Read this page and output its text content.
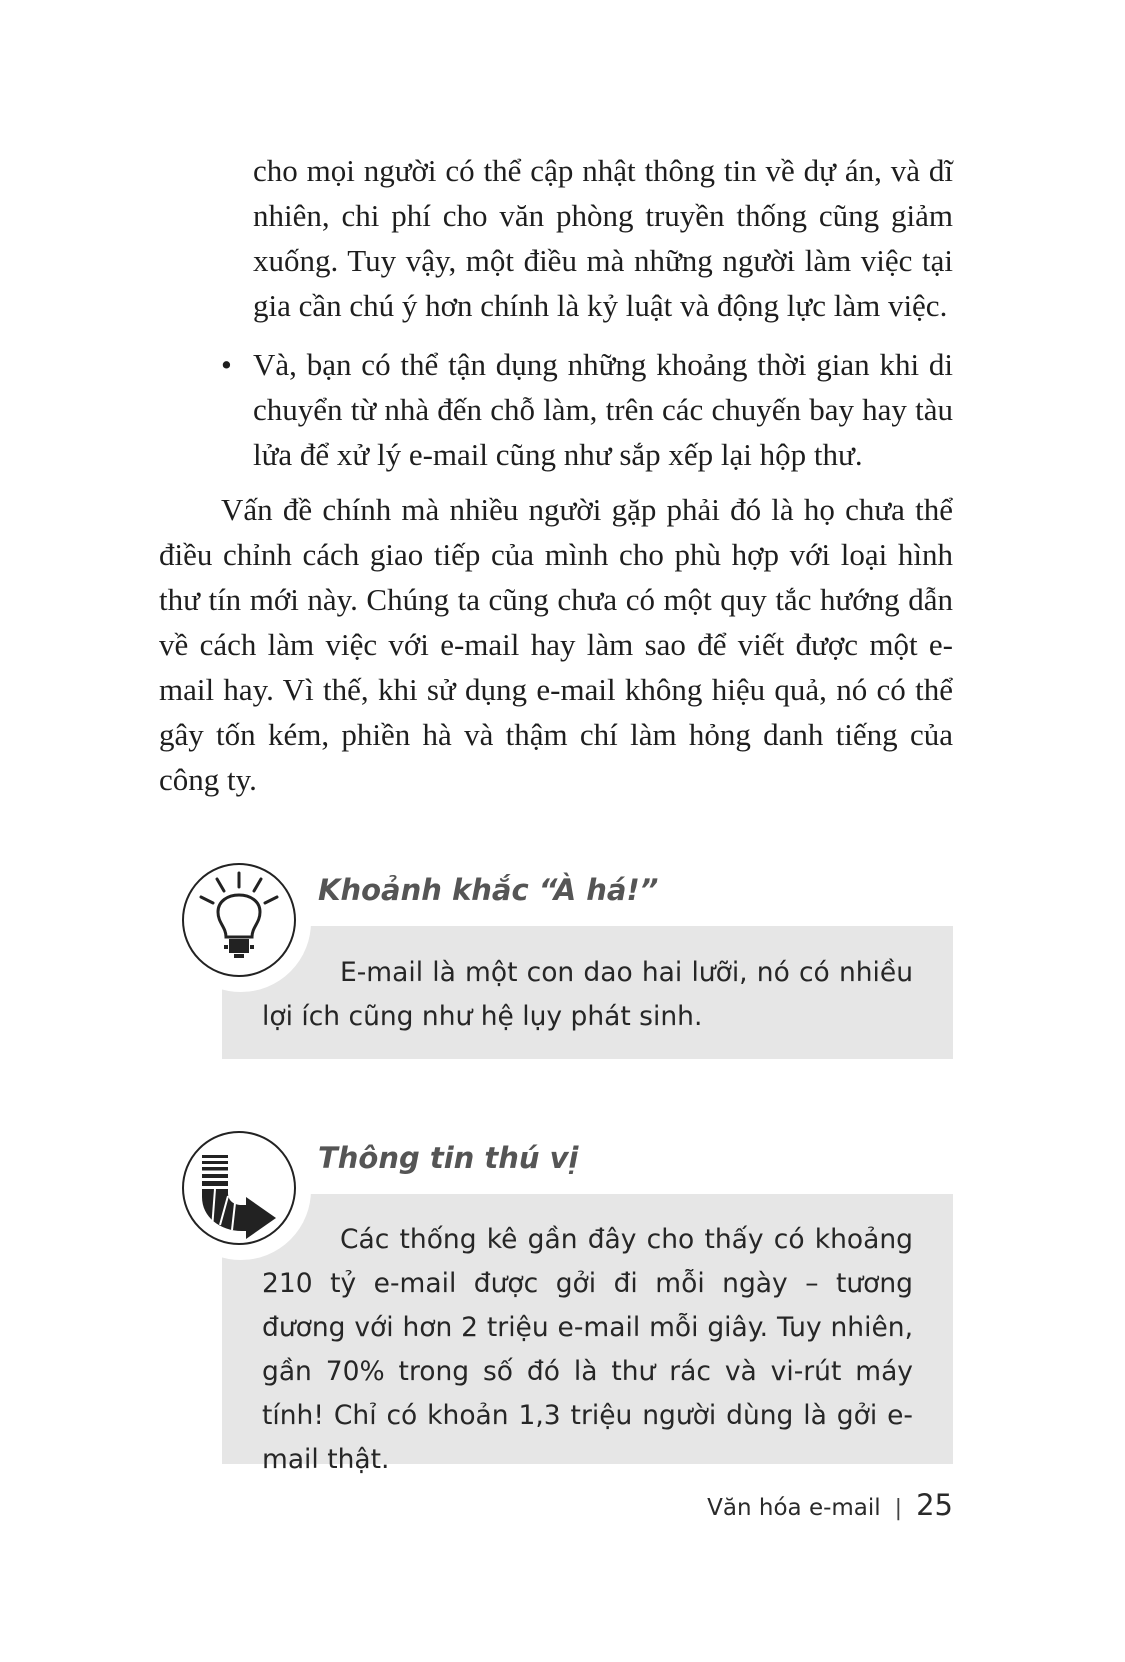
cho mọi người có thể cập nhật thông tin về dự án, và dĩ nhiên, chi phí cho văn phòng truyền thống cũng giảm xuống. Tuy vậy, một điều mà những người làm việc tại gia cần chú ý hơn chính là kỷ luật và động lực làm việc.

• Và, bạn có thể tận dụng những khoảng thời gian khi di chuyển từ nhà đến chỗ làm, trên các chuyến bay hay tàu lửa để xử lý e-mail cũng như sắp xếp lại hộp thư.

Vấn đề chính mà nhiều người gặp phải đó là họ chưa thể điều chỉnh cách giao tiếp của mình cho phù hợp với loại hình thư tín mới này. Chúng ta cũng chưa có một quy tắc hướng dẫn về cách làm việc với e-mail hay làm sao để viết được một e-mail hay. Vì thế, khi sử dụng e-mail không hiệu quả, nó có thể gây tốn kém, phiền hà và thậm chí làm hỏng danh tiếng của công ty.

Khoảnh khắc “À há!”

E-mail là một con dao hai lưỡi, nó có nhiều lợi ích cũng như hệ lụy phát sinh.

Thông tin thú vị

Các thống kê gần đây cho thấy có khoảng 210 tỷ e-mail được gởi đi mỗi ngày – tương đương với hơn 2 triệu e-mail mỗi giây. Tuy nhiên, gần 70% trong số đó là thư rác và vi-rút máy tính! Chỉ có khoản 1,3 triệu người dùng là gởi e-mail thật.

Văn hóa e-mail | 25
